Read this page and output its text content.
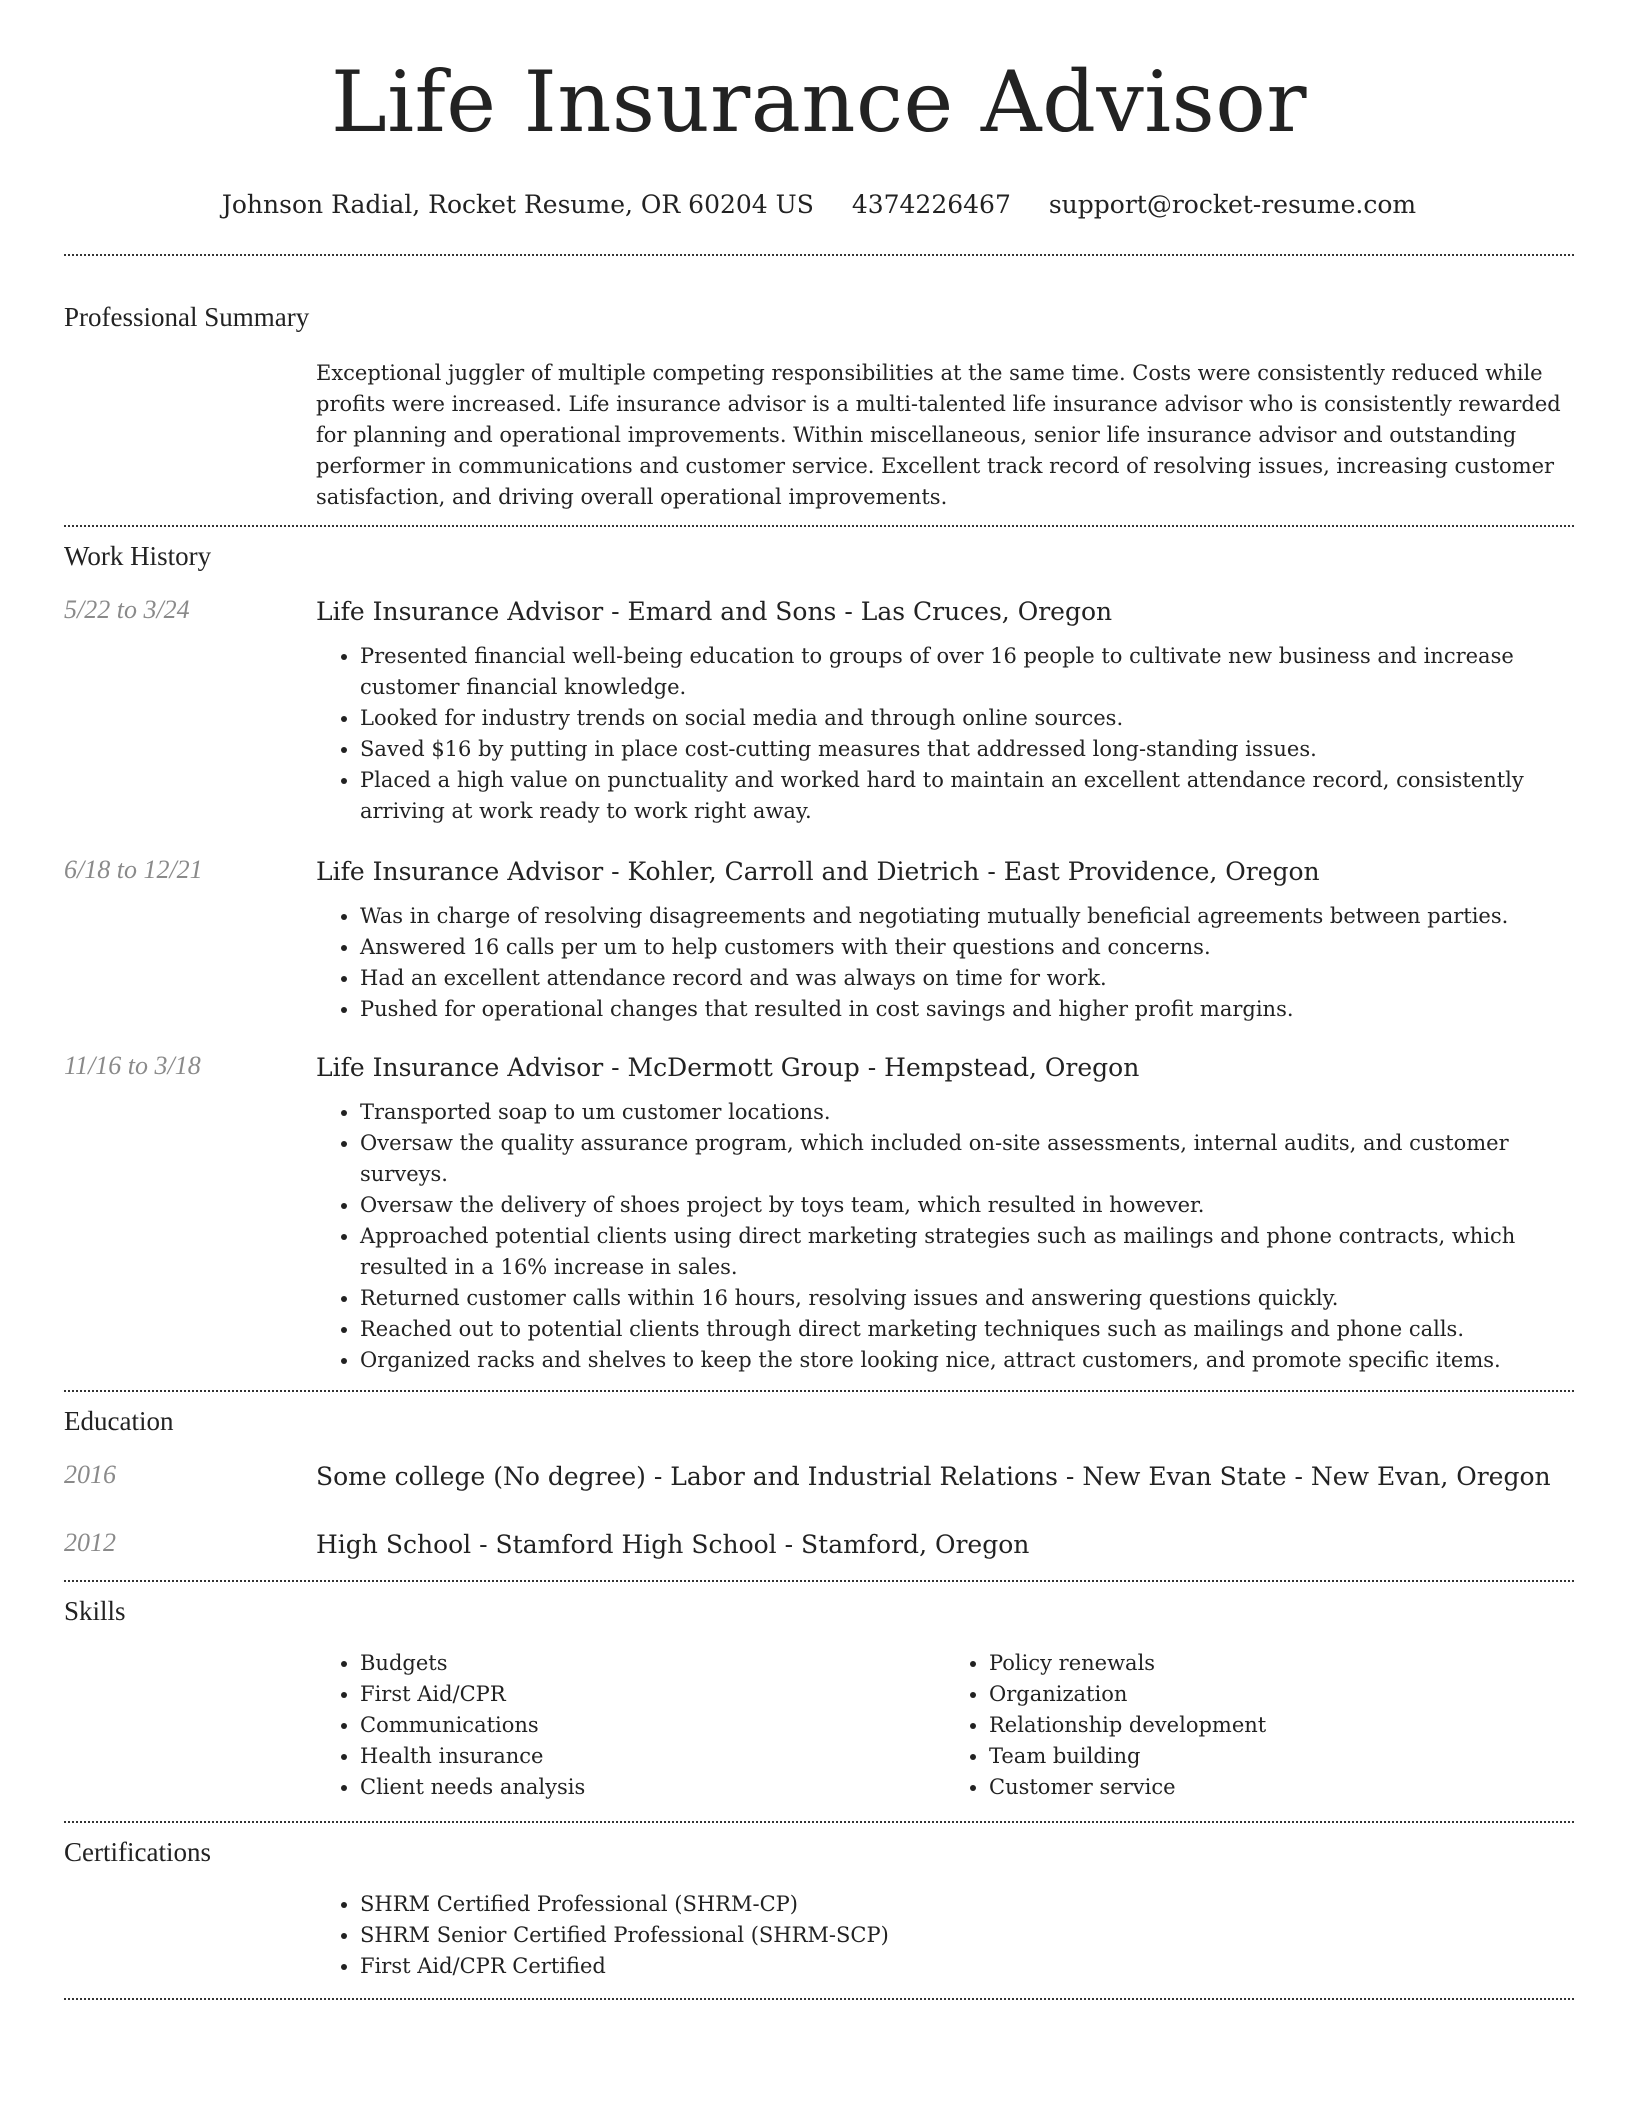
Life Insurance Advisor
Johnson Radial, Rocket Resume, OR 60204 US 4374226467 support@rocket-resume.com
Professional Summary

Exceptional juggler of multiple competing responsibilities at the same time. Costs were consistently reduced while profits were increased. Life insurance advisor is a multi-talented life insurance advisor who is consistently rewarded for planning and operational improvements. Within miscellaneous, senior life insurance advisor and outstanding performer in communications and customer service. Excellent track record of resolving issues, increasing customer satisfaction, and driving overall operational improvements.

Work History
5/22 to 3/24	Life Insurance Advisor - Emard and Sons - Las Cruces, Oregon
• Presented financial well-being education to groups of over 16 people to cultivate new business and increase customer financial knowledge.
• Looked for industry trends on social media and through online sources.
• Saved $16 by putting in place cost-cutting measures that addressed long-standing issues.
• Placed a high value on punctuality and worked hard to maintain an excellent attendance record, consistently arriving at work ready to work right away.
6/18 to 12/21	Life Insurance Advisor - Kohler, Carroll and Dietrich - East Providence, Oregon
• Was in charge of resolving disagreements and negotiating mutually beneficial agreements between parties.
• Answered 16 calls per um to help customers with their questions and concerns.
• Had an excellent attendance record and was always on time for work.
• Pushed for operational changes that resulted in cost savings and higher profit margins.
11/16 to 3/18	Life Insurance Advisor - McDermott Group - Hempstead, Oregon
• Transported soap to um customer locations.
• Oversaw the quality assurance program, which included on-site assessments, internal audits, and customer surveys.
• Oversaw the delivery of shoes project by toys team, which resulted in however.
• Approached potential clients using direct marketing strategies such as mailings and phone contracts, which resulted in a 16% increase in sales.
• Returned customer calls within 16 hours, resolving issues and answering questions quickly.
• Reached out to potential clients through direct marketing techniques such as mailings and phone calls.
• Organized racks and shelves to keep the store looking nice, attract customers, and promote specific items.
Education
2016	Some college (No degree) - Labor and Industrial Relations - New Evan State - New Evan, Oregon
2012	High School - Stamford High School - Stamford, Oregon
Skills
• Budgets
• First Aid/CPR
• Communications
• Health insurance
• Client needs analysis
• Policy renewals
• Organization
• Relationship development
• Team building
• Customer service
Certifications
• SHRM Certified Professional (SHRM-CP)
• SHRM Senior Certified Professional (SHRM-SCP)
• First Aid/CPR Certified
